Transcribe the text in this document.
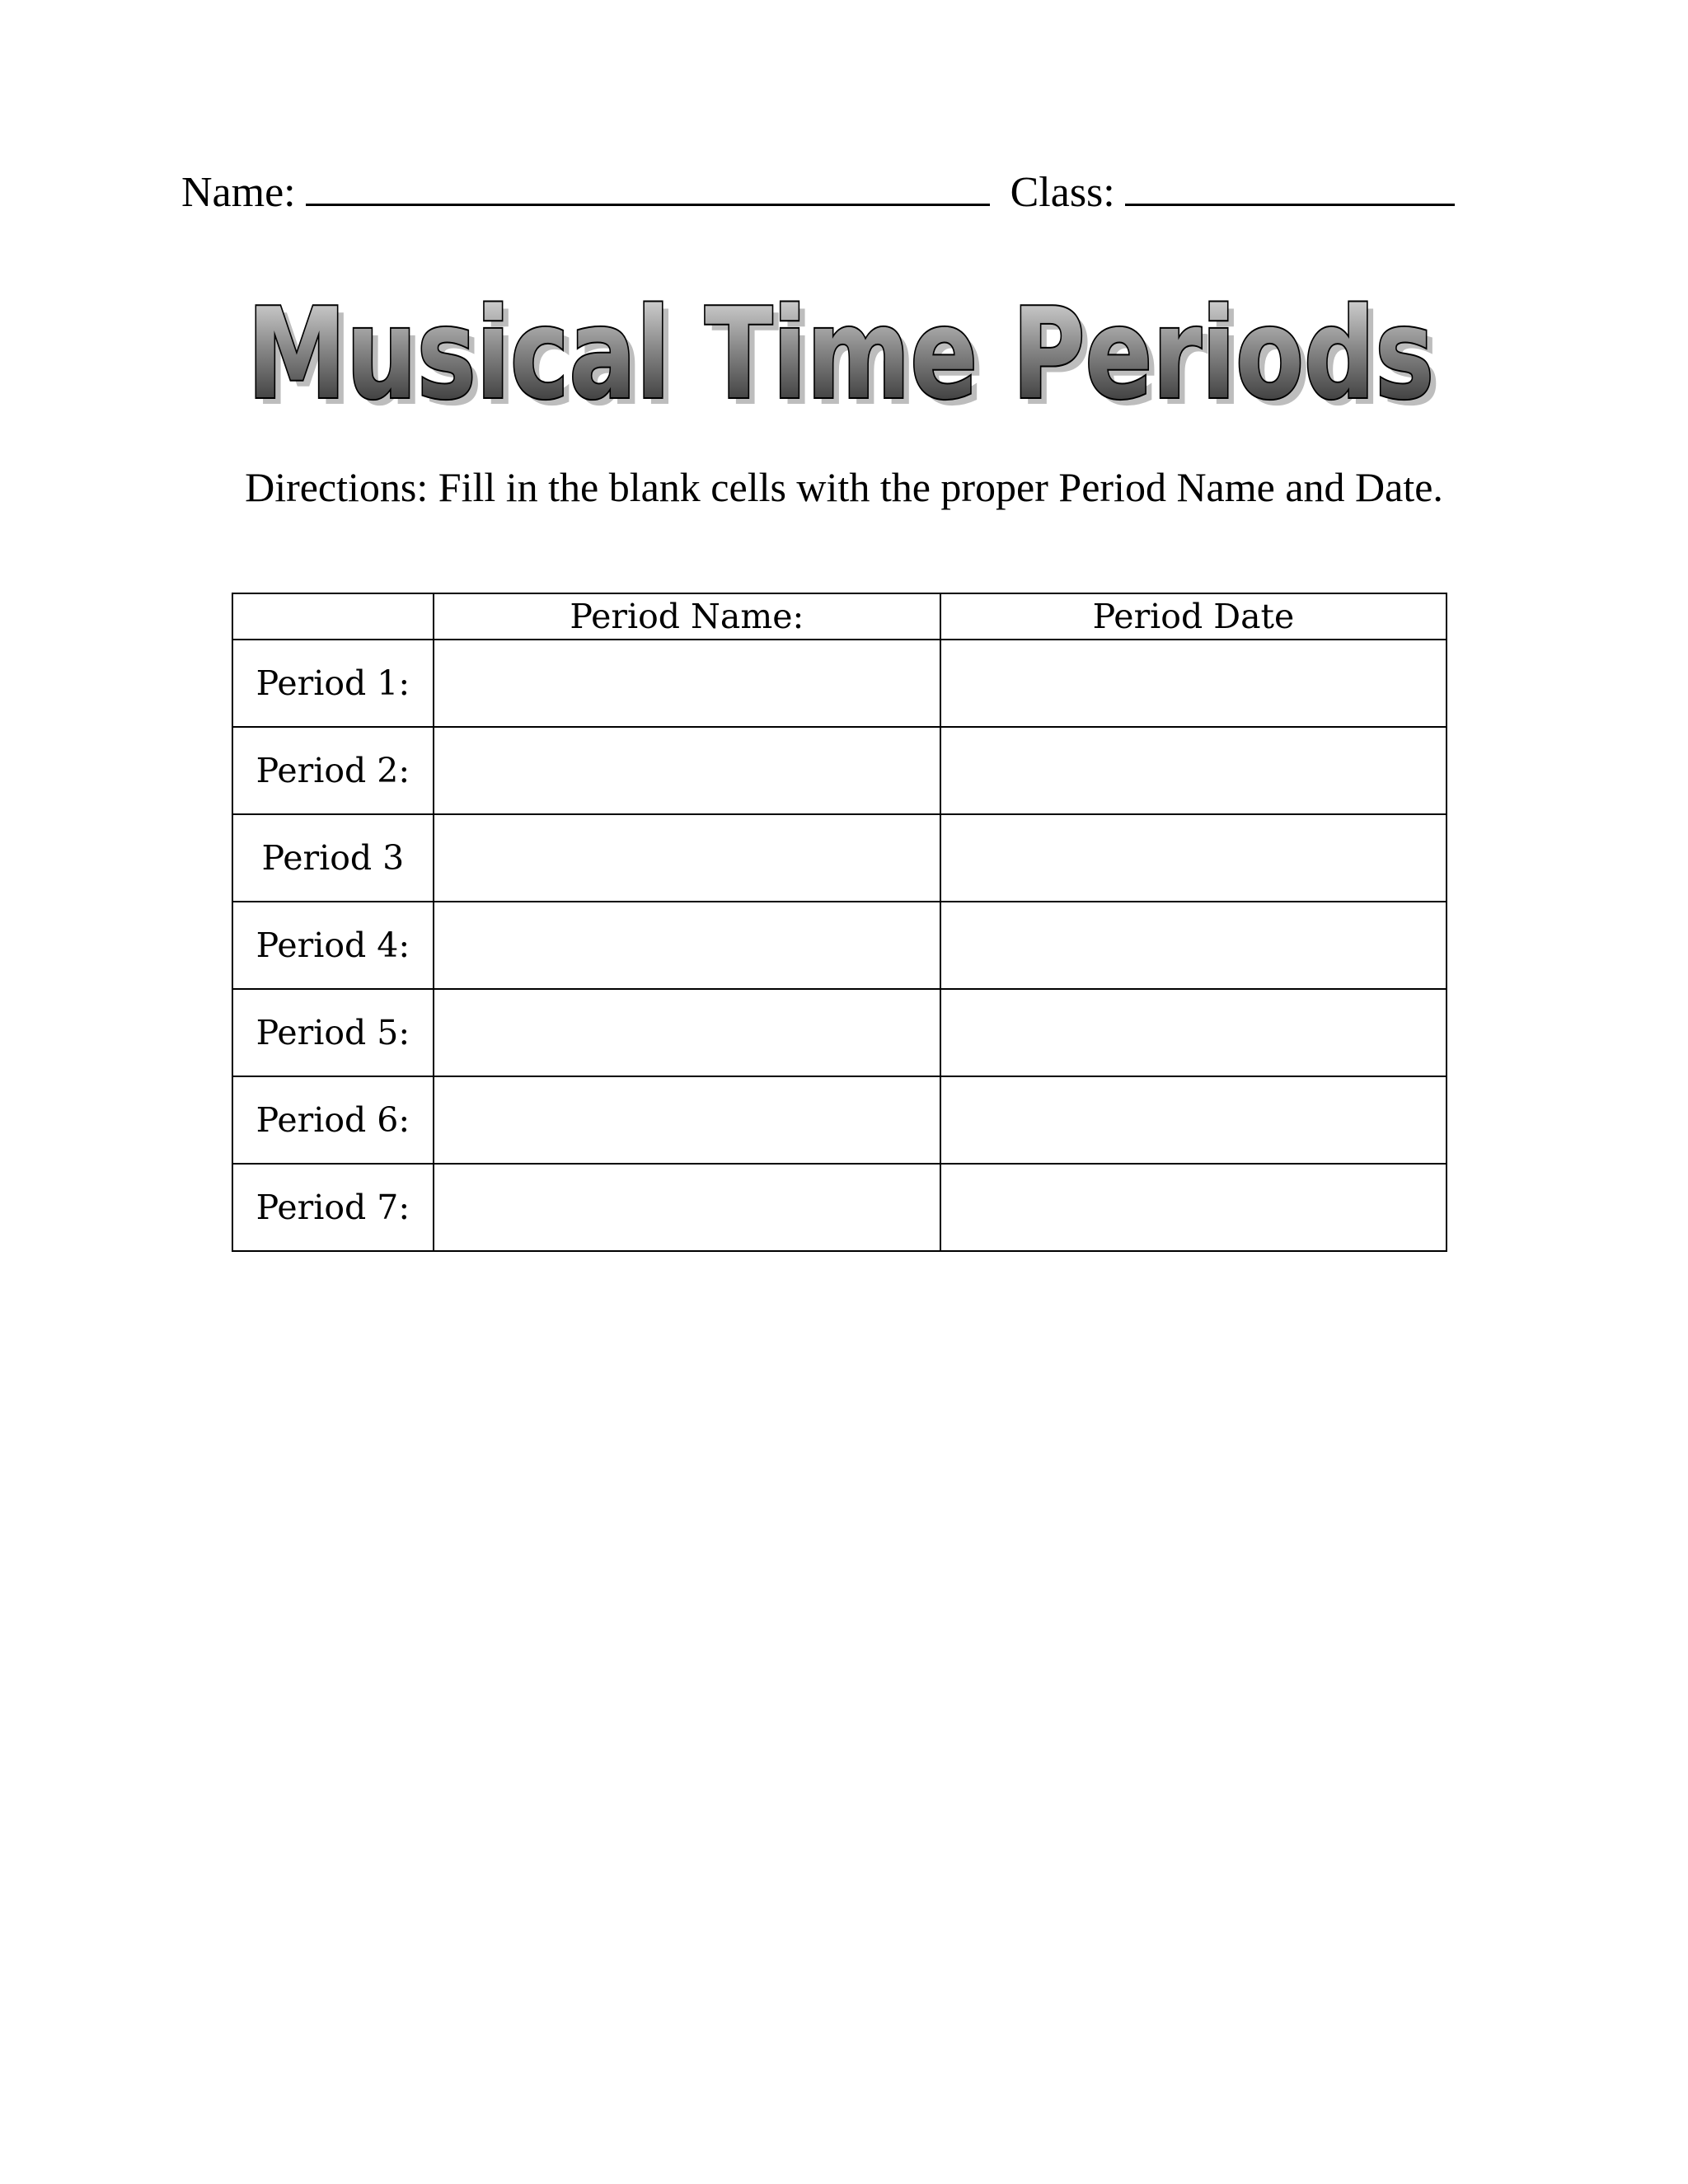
Name:	Class:
Musical Time Periods
Musical Time Periods
Directions: Fill in the blank cells with the proper Period Name and Date.
	Period Name:	Period Date
Period 1:		
Period 2:		
Period 3		
Period 4:		
Period 5:		
Period 6:		
Period 7:		
